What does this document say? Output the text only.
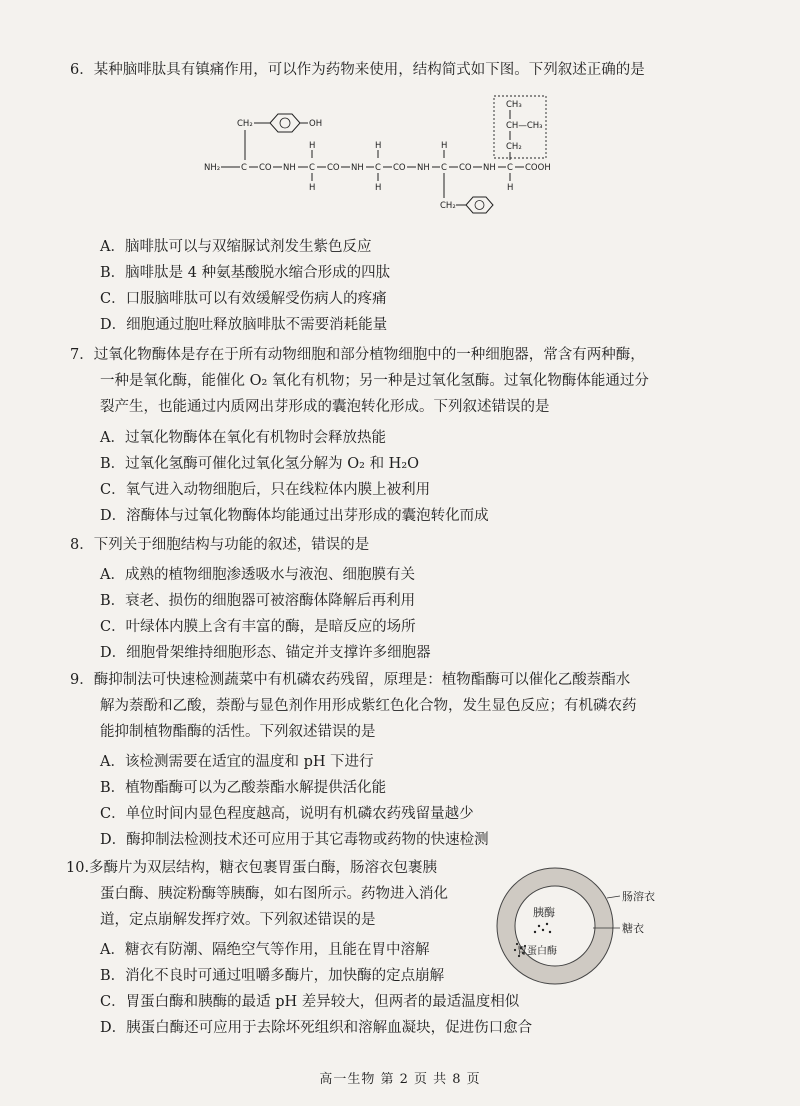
6．某种脑啡肽具有镇痛作用，可以作为药物来使用，结构简式如下图。下列叙述正确的是
CH₂	OH
NH₂ C CO NH C
H
H
CO NH C
H
H
CO NH C
H
CH₂
CO NH C
H
COOH
CH₃
CH—CH₃
CH₂
A．脑啡肽可以与双缩脲试剂发生紫色反应
B．脑啡肽是 4 种氨基酸脱水缩合形成的四肽
C．口服脑啡肽可以有效缓解受伤病人的疼痛
D．细胞通过胞吐释放脑啡肽不需要消耗能量
7．过氧化物酶体是存在于所有动物细胞和部分植物细胞中的一种细胞器，常含有两种酶，
一种是氧化酶，能催化 O₂ 氧化有机物；另一种是过氧化氢酶。过氧化物酶体能通过分
裂产生，也能通过内质网出芽形成的囊泡转化形成。下列叙述错误的是
A．过氧化物酶体在氧化有机物时会释放热能
B．过氧化氢酶可催化过氧化氢分解为 O₂ 和 H₂O
C．氧气进入动物细胞后，只在线粒体内膜上被利用
D．溶酶体与过氧化物酶体均能通过出芽形成的囊泡转化而成
8．下列关于细胞结构与功能的叙述，错误的是
A．成熟的植物细胞渗透吸水与液泡、细胞膜有关
B．衰老、损伤的细胞器可被溶酶体降解后再利用
C．叶绿体内膜上含有丰富的酶，是暗反应的场所
D．细胞骨架维持细胞形态、锚定并支撑许多细胞器
9．酶抑制法可快速检测蔬菜中有机磷农药残留，原理是：植物酯酶可以催化乙酸萘酯水
解为萘酚和乙酸，萘酚与显色剂作用形成紫红色化合物，发生显色反应；有机磷农药
能抑制植物酯酶的活性。下列叙述错误的是
A．该检测需要在适宜的温度和 pH 下进行
B．植物酯酶可以为乙酸萘酯水解提供活化能
C．单位时间内显色程度越高，说明有机磷农药残留量越少
D．酶抑制法检测技术还可应用于其它毒物或药物的快速检测
10.多酶片为双层结构，糖衣包裹胃蛋白酶，肠溶衣包裹胰
蛋白酶、胰淀粉酶等胰酶，如右图所示。药物进入消化
道，定点崩解发挥疗效。下列叙述错误的是
A．糖衣有防潮、隔绝空气等作用，且能在胃中溶解
B．消化不良时可通过咀嚼多酶片，加快酶的定点崩解
C．胃蛋白酶和胰酶的最适 pH 差异较大，但两者的最适温度相似
D．胰蛋白酶还可应用于去除坏死组织和溶解血凝块，促进伤口愈合
胰酶
胃蛋白酶
肠溶衣
糖衣
高一生物 第 2 页 共 8 页
